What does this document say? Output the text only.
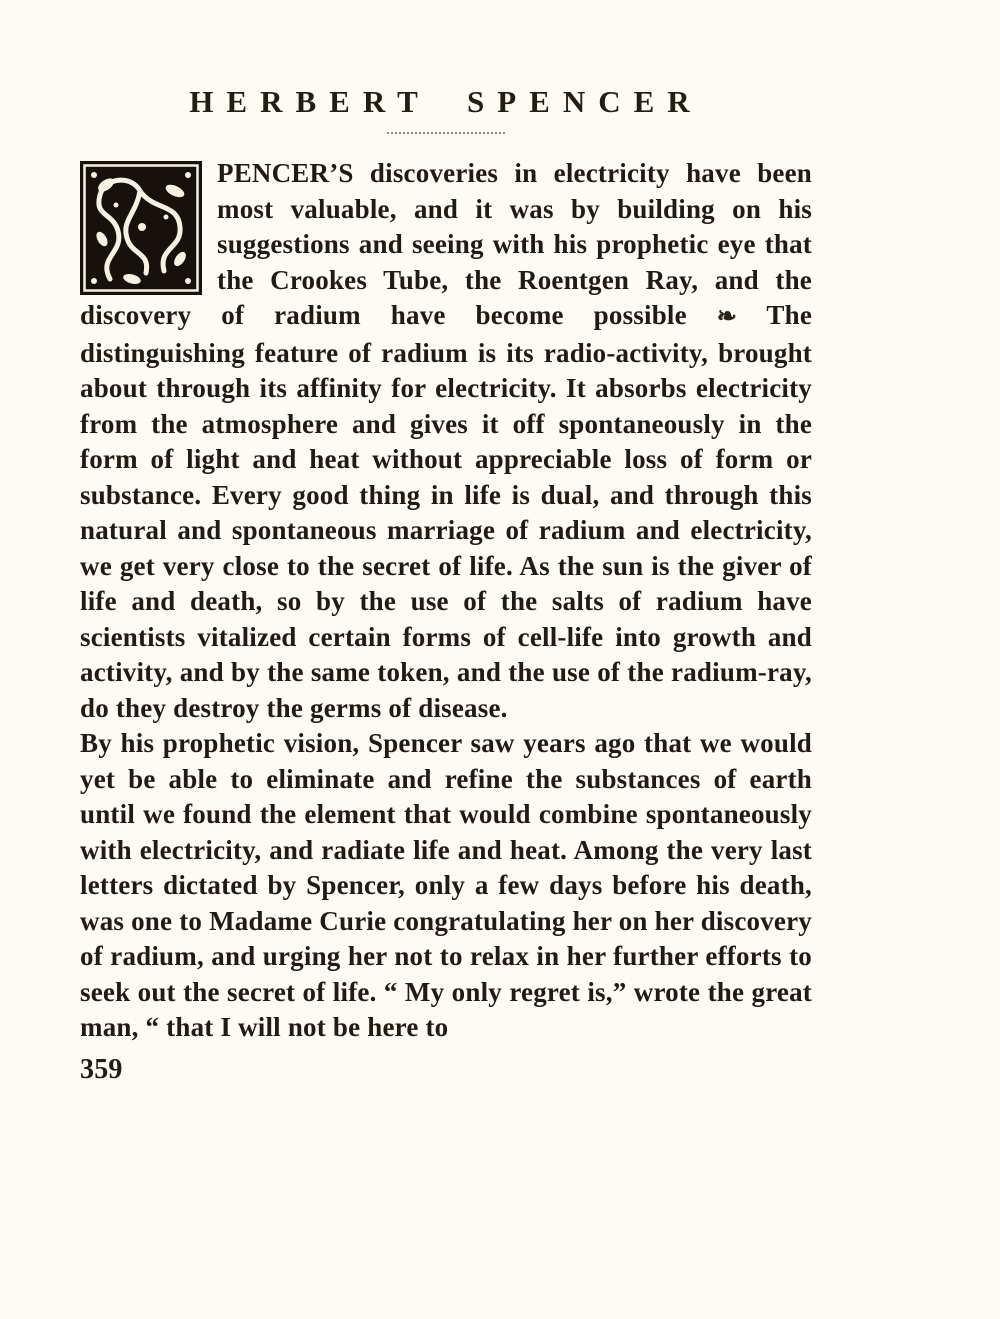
HERBERT SPENCER

PENCER’S discoveries in electricity have been most valuable, and it was by building on his suggestions and seeing with his prophetic eye that the Crookes Tube, the Roentgen Ray, and the discovery of radium have become possible ❧ The distinguishing feature of radium is its radio-activity, brought about through its affinity for electricity. It absorbs electricity from the atmosphere and gives it off spontaneously in the form of light and heat without appreciable loss of form or substance. Every good thing in life is dual, and through this natural and spontaneous marriage of radium and electricity, we get very close to the secret of life. As the sun is the giver of life and death, so by the use of the salts of radium have scientists vitalized certain forms of cell-life into growth and activity, and by the same token, and the use of the radium-ray, do they destroy the germs of disease.

By his prophetic vision, Spencer saw years ago that we would yet be able to eliminate and refine the substances of earth until we found the element that would combine spontaneously with electricity, and radiate life and heat. Among the very last letters dictated by Spencer, only a few days before his death, was one to Madame Curie congratulating her on her discovery of radium, and urging her not to relax in her further efforts to seek out the secret of life. “ My only regret is,” wrote the great man, “ that I will not be here to

359
